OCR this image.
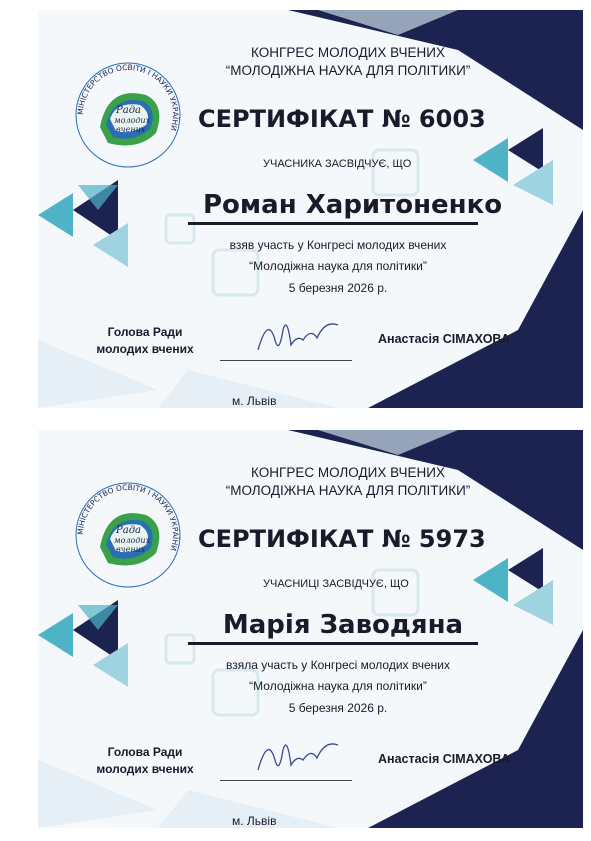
Рада
молодих
вчених
МІНІСТЕРСТВО ОСВІТИ І НАУКИ УКРАЇНИ
КОНГРЕС МОЛОДИХ ВЧЕНИХ
“МОЛОДІЖНА НАУКА ДЛЯ ПОЛІТИКИ”
СЕРТИФІКАТ № 6003
УЧАСНИКА ЗАСВІДЧУЄ, ЩО
Роман Харитоненко
взяв участь у Конгресі молодих вчених
“Молодіжна наука для політики”
5 березня 2026 р.
Голова Ради
молодих вчених
Анастасія СІМАХОВА
м. Львів
Рада
молодих
вчених
МІНІСТЕРСТВО ОСВІТИ І НАУКИ УКРАЇНИ
КОНГРЕС МОЛОДИХ ВЧЕНИХ
“МОЛОДІЖНА НАУКА ДЛЯ ПОЛІТИКИ”
СЕРТИФІКАТ № 5973
УЧАСНИЦІ ЗАСВІДЧУЄ, ЩО
Марія Заводяна
взяла участь у Конгресі молодих вчених
“Молодіжна наука для політики”
5 березня 2026 р.
Голова Ради
молодих вчених
Анастасія СІМАХОВА
м. Львів
